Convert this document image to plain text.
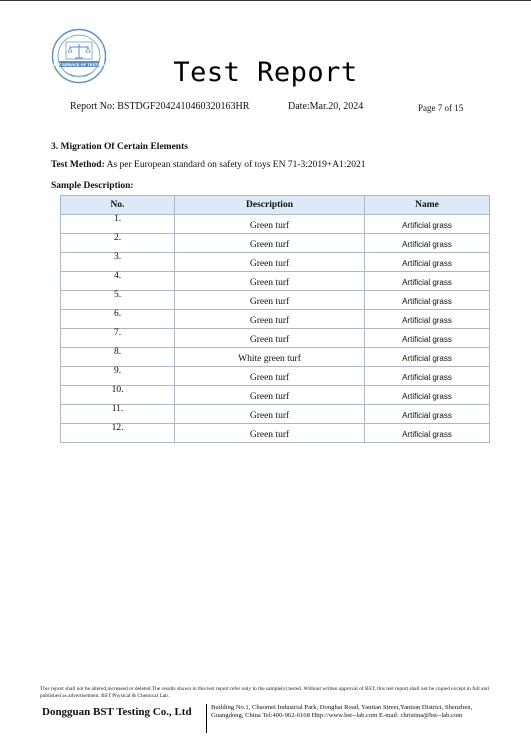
BST SERVICE OF TESTING	Test Report
Report No: BSTDGF2042410460320163HR	Date:Mar.20, 2024	Page 7 of 15
3. Migration Of Certain Elements
Test Method: As per European standard on safety of toys EN 71-3:2019+A1:2021
Sample Description:
No.	Description	Name
1.	Green turf	Artificial grass
2.	Green turf	Artificial grass
3.	Green turf	Artificial grass
4.	Green turf	Artificial grass
5.	Green turf	Artificial grass
6.	Green turf	Artificial grass
7.	Green turf	Artificial grass
8.	White green turf	Artificial grass
9.	Green turf	Artificial grass
10.	Green turf	Artificial grass
11.	Green turf	Artificial grass
12.	Green turf	Artificial grass
This report shall not be altered,increased or deleted.The results shown in this test report refer only to the sample(s) tested. Without written approval of BST, this test report shall not be copied except in full and published as advertisement. BST Physical & Chemical Lab.
Dongguan BST Testing Co., Ltd	Building No.1, Chaomei Industrial Park, Donghai Road, Yantian Street,Yantian District, Shenzhen, Guangdong, China Tel:400-962-6168 Http://www.bst--lab.com E-mail: christina@bst--lab.com
